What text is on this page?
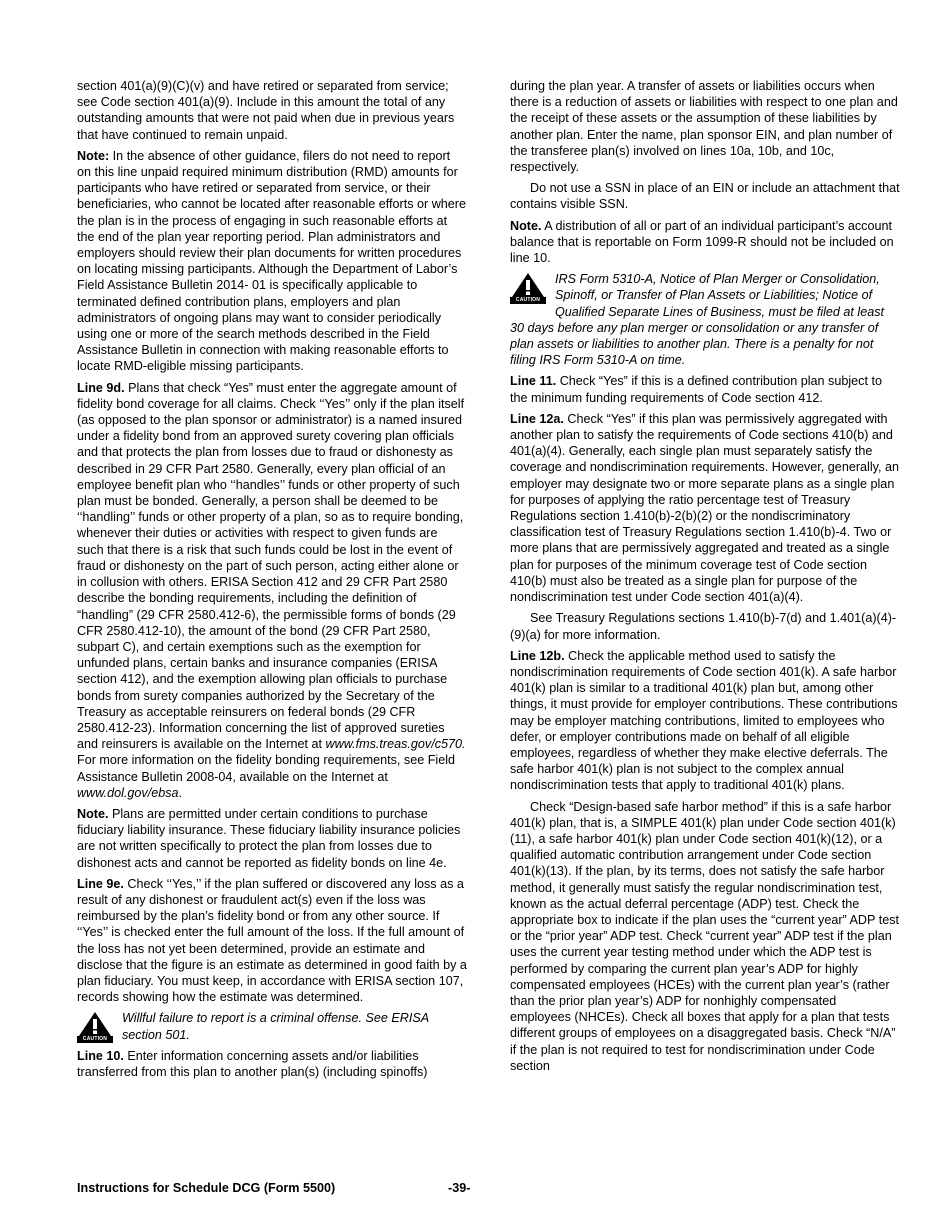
section 401(a)(9)(C)(v) and have retired or separated from service; see Code section 401(a)(9). Include in this amount the total of any outstanding amounts that were not paid when due in previous years that have continued to remain unpaid.

Note: In the absence of other guidance, filers do not need to report on this line unpaid required minimum distribution (RMD) amounts for participants who have retired or separated from service, or their beneficiaries, who cannot be located after reasonable efforts or where the plan is in the process of engaging in such reasonable efforts at the end of the plan year reporting period. Plan administrators and employers should review their plan documents for written procedures on locating missing participants. Although the Department of Labor’s Field Assistance Bulletin 2014- 01 is specifically applicable to terminated defined contribution plans, employers and plan administrators of ongoing plans may want to consider periodically using one or more of the search methods described in the Field Assistance Bulletin in connection with making reasonable efforts to locate RMD-eligible missing participants.

Line 9d. Plans that check “Yes” must enter the aggregate amount of fidelity bond coverage for all claims. Check ‘‘Yes’’ only if the plan itself (as opposed to the plan sponsor or administrator) is a named insured under a fidelity bond from an approved surety covering plan officials and that protects the plan from losses due to fraud or dishonesty as described in 29 CFR Part 2580. Generally, every plan official of an employee benefit plan who ‘‘handles’’ funds or other property of such plan must be bonded. Generally, a person shall be deemed to be ‘‘handling’’ funds or other property of a plan, so as to require bonding, whenever their duties or activities with respect to given funds are such that there is a risk that such funds could be lost in the event of fraud or dishonesty on the part of such person, acting either alone or in collusion with others. ERISA Section 412 and 29 CFR Part 2580 describe the bonding requirements, including the definition of “handling” (29 CFR 2580.412-6), the permissible forms of bonds (29 CFR 2580.412-10), the amount of the bond (29 CFR Part 2580, subpart C), and certain exemptions such as the exemption for unfunded plans, certain banks and insurance companies (ERISA section 412), and the exemption allowing plan officials to purchase bonds from surety companies authorized by the Secretary of the Treasury as acceptable reinsurers on federal bonds (29 CFR 2580.412-23). Information concerning the list of approved sureties and reinsurers is available on the Internet at www.fms.treas.gov/c570. For more information on the fidelity bonding requirements, see Field Assistance Bulletin 2008-04, available on the Internet at www.dol.gov/ebsa.

Note. Plans are permitted under certain conditions to purchase fiduciary liability insurance. These fiduciary liability insurance policies are not written specifically to protect the plan from losses due to dishonest acts and cannot be reported as fidelity bonds on line 4e.

Line 9e. Check ‘‘Yes,’’ if the plan suffered or discovered any loss as a result of any dishonest or fraudulent act(s) even if the loss was reimbursed by the plan’s fidelity bond or from any other source. If ‘‘Yes’’ is checked enter the full amount of the loss. If the full amount of the loss has not yet been determined, provide an estimate and disclose that the figure is an estimate as determined in good faith by a plan fiduciary. You must keep, in accordance with ERISA section 107, records showing how the estimate was determined.

CAUTION
Willful failure to report is a criminal offense. See ERISA section 501.

Line 10. Enter information concerning assets and/or liabilities transferred from this plan to another plan(s) (including spinoffs)

during the plan year. A transfer of assets or liabilities occurs when there is a reduction of assets or liabilities with respect to one plan and the receipt of these assets or the assumption of these liabilities by another plan. Enter the name, plan sponsor EIN, and plan number of the transferee plan(s) involved on lines 10a, 10b, and 10c, respectively.

Do not use a SSN in place of an EIN or include an attachment that contains visible SSN.

Note. A distribution of all or part of an individual participant’s account balance that is reportable on Form 1099-R should not be included on line 10.

CAUTION
IRS Form 5310-A, Notice of Plan Merger or Consolidation, Spinoff, or Transfer of Plan Assets or Liabilities; Notice of Qualified Separate Lines of Business, must be filed at least 30 days before any plan merger or consolidation or any transfer of plan assets or liabilities to another plan. There is a penalty for not filing IRS Form 5310-A on time.

Line 11. Check “Yes” if this is a defined contribution plan subject to the minimum funding requirements of Code section 412.

Line 12a. Check “Yes” if this plan was permissively aggregated with another plan to satisfy the requirements of Code sections 410(b) and 401(a)(4). Generally, each single plan must separately satisfy the coverage and nondiscrimination requirements. However, generally, an employer may designate two or more separate plans as a single plan for purposes of applying the ratio percentage test of Treasury Regulations section 1.410(b)-2(b)(2) or the nondiscriminatory classification test of Treasury Regulations section 1.410(b)-4. Two or more plans that are permissively aggregated and treated as a single plan for purposes of the minimum coverage test of Code section 410(b) must also be treated as a single plan for purpose of the nondiscrimination test under Code section 401(a)(4).

See Treasury Regulations sections 1.410(b)-7(d) and 1.401(a)(4)-(9)(a) for more information.

Line 12b. Check the applicable method used to satisfy the nondiscrimination requirements of Code section 401(k). A safe harbor 401(k) plan is similar to a traditional 401(k) plan but, among other things, it must provide for employer contributions. These contributions may be employer matching contributions, limited to employees who defer, or employer contributions made on behalf of all eligible employees, regardless of whether they make elective deferrals. The safe harbor 401(k) plan is not subject to the complex annual nondiscrimination tests that apply to traditional 401(k) plans.

Check “Design-based safe harbor method” if this is a safe harbor 401(k) plan, that is, a SIMPLE 401(k) plan under Code section 401(k)(11), a safe harbor 401(k) plan under Code section 401(k)(12), or a qualified automatic contribution arrangement under Code section 401(k)(13). If the plan, by its terms, does not satisfy the safe harbor method, it generally must satisfy the regular nondiscrimination test, known as the actual deferral percentage (ADP) test. Check the appropriate box to indicate if the plan uses the “current year” ADP test or the “prior year” ADP test. Check “current year” ADP test if the plan uses the current year testing method under which the ADP test is performed by comparing the current plan year’s ADP for highly compensated employees (HCEs) with the current plan year’s (rather than the prior plan year’s) ADP for nonhighly compensated employees (NHCEs). Check all boxes that apply for a plan that tests different groups of employees on a disaggregated basis. Check “N/A” if the plan is not required to test for nondiscrimination under Code section

Instructions for Schedule DCG (Form 5500)	-39-
